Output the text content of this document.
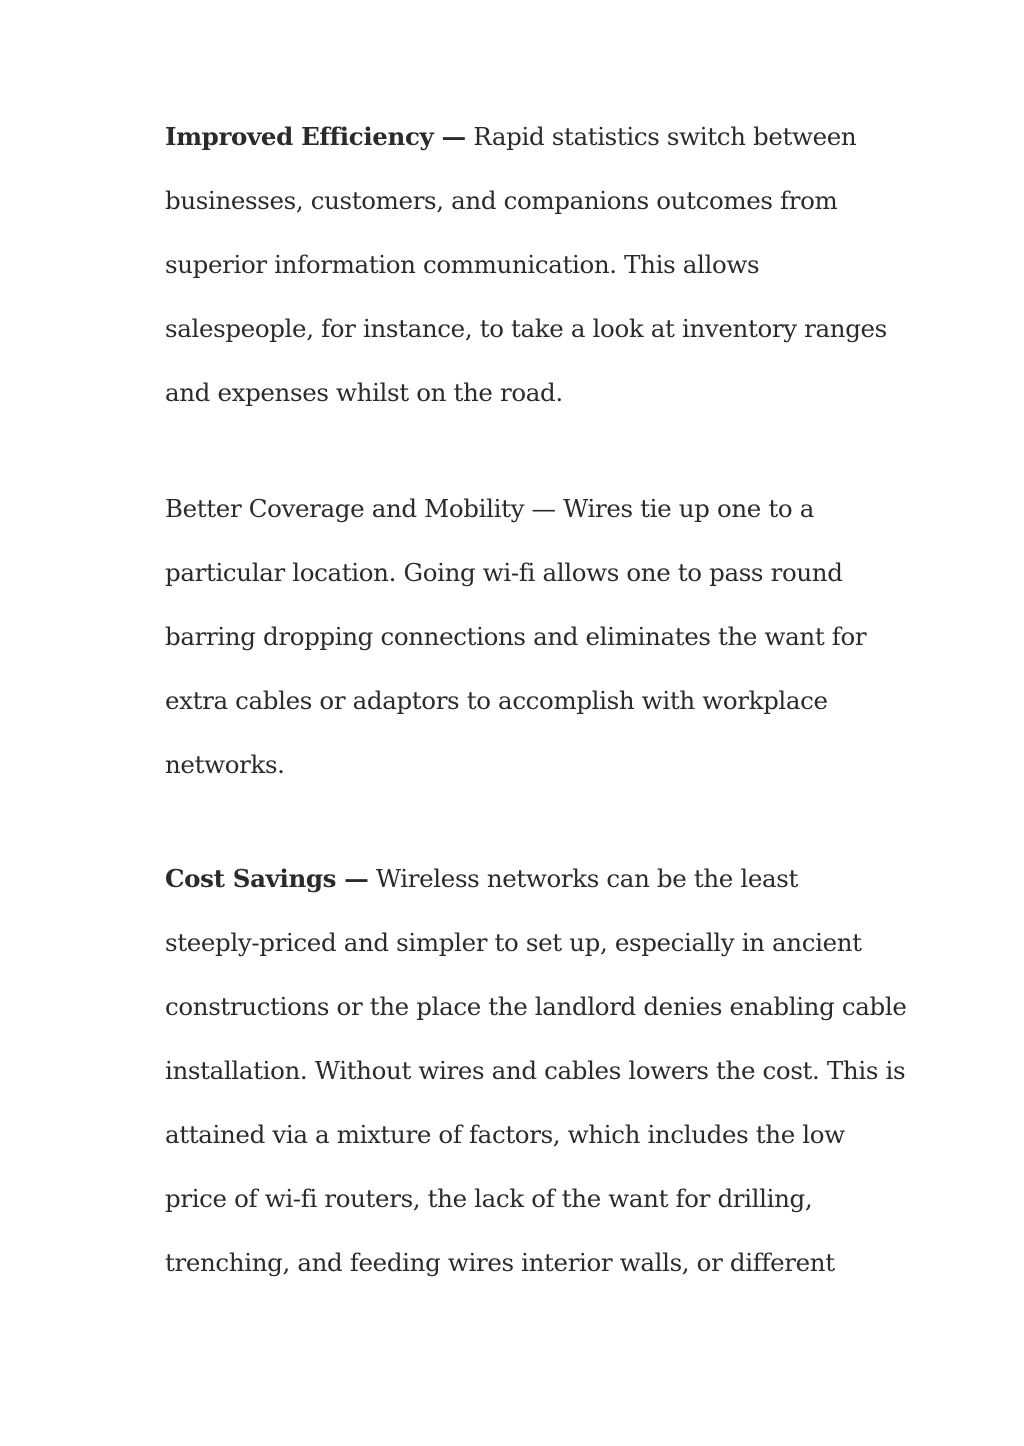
Improved Efficiency — Rapid statistics switch between

businesses, customers, and companions outcomes from

superior information communication. This allows

salespeople, for instance, to take a look at inventory ranges

and expenses whilst on the road.

Better Coverage and Mobility — Wires tie up one to a

particular location. Going wi-fi allows one to pass round

barring dropping connections and eliminates the want for

extra cables or adaptors to accomplish with workplace

networks.

Cost Savings — Wireless networks can be the least

steeply-priced and simpler to set up, especially in ancient

constructions or the place the landlord denies enabling cable

installation. Without wires and cables lowers the cost. This is

attained via a mixture of factors, which includes the low

price of wi-fi routers, the lack of the want for drilling,

trenching, and feeding wires interior walls, or different
